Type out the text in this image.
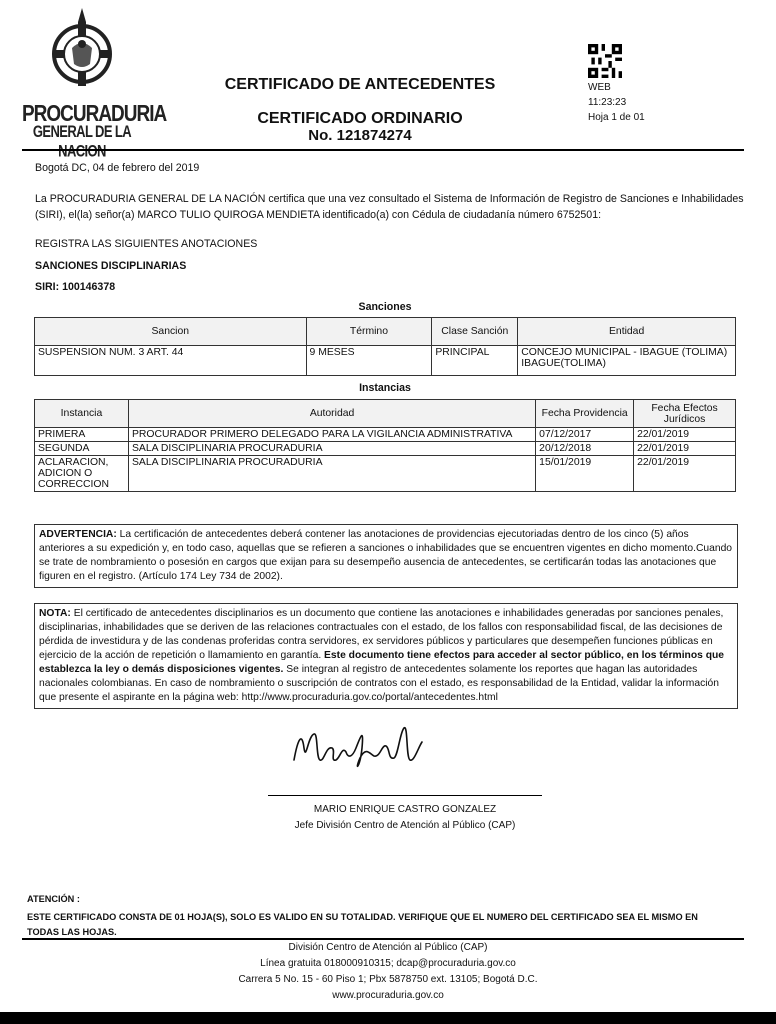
PROCURADURIA
GENERAL DE LA
CERTIFICADO DE ANTECEDENTES
CERTIFICADO ORDINARIO
No. 121874274
WEB
11:23:23
Hoja 1 de 01
Bogotá DC, 04 de febrero del 2019
La PROCURADURIA GENERAL DE LA NACIÓN certifica que una vez consultado el Sistema de Información de Registro de Sanciones e Inhabilidades (SIRI), el(la) señor(a) MARCO TULIO QUIROGA MENDIETA identificado(a) con Cédula de ciudadanía número 6752501:
REGISTRA LAS SIGUIENTES ANOTACIONES
SANCIONES DISCIPLINARIAS
SIRI: 100146378
Sanciones
Sancion	Término	Clase Sanción	Entidad
SUSPENSION NUM. 3 ART. 44	9 MESES	PRINCIPAL	CONCEJO MUNICIPAL - IBAGUE (TOLIMA) IBAGUE(TOLIMA)
Instancias
Instancia	Autoridad	Fecha Providencia	Fecha Efectos Jurídicos
PRIMERA	PROCURADOR PRIMERO DELEGADO PARA LA VIGILANCIA ADMINISTRATIVA	07/12/2017	22/01/2019
SEGUNDA	SALA DISCIPLINARIA PROCURADURIA	20/12/2018	22/01/2019
ACLARACION, ADICION O CORRECCION	SALA DISCIPLINARIA PROCURADURIA	15/01/2019	22/01/2019
ADVERTENCIA: La certificación de antecedentes deberá contener las anotaciones de providencias ejecutoriadas dentro de los cinco (5) años anteriores a su expedición y, en todo caso, aquellas que se refieren a sanciones o inhabilidades que se encuentren vigentes en dicho momento.Cuando se trate de nombramiento o posesión en cargos que exijan para su desempeño ausencia de antecedentes, se certificarán todas las anotaciones que figuren en el registro. (Artículo 174 Ley 734 de 2002).
NOTA: El certificado de antecedentes disciplinarios es un documento que contiene las anotaciones e inhabilidades generadas por sanciones penales, disciplinarias, inhabilidades que se deriven de las relaciones contractuales con el estado, de los fallos con responsabilidad fiscal, de las decisiones de pérdida de investidura y de las condenas proferidas contra servidores, ex servidores públicos y particulares que desempeñen funciones públicas en ejercicio de la acción de repetición o llamamiento en garantía. Este documento tiene efectos para acceder al sector público, en los términos que establezca la ley o demás disposiciones vigentes. Se integran al registro de antecedentes solamente los reportes que hagan las autoridades nacionales colombianas. En caso de nombramiento o suscripción de contratos con el estado, es responsabilidad de la Entidad, validar la información que presente el aspirante en la página web: http://www.procuraduria.gov.co/portal/antecedentes.html
MARIO ENRIQUE CASTRO GONZALEZ
Jefe División Centro de Atención al Público (CAP)
ATENCIÓN :
ESTE CERTIFICADO CONSTA DE 01 HOJA(S), SOLO ES VALIDO EN SU TOTALIDAD. VERIFIQUE QUE EL NUMERO DEL CERTIFICADO SEA EL MISMO EN TODAS LAS HOJAS.
División Centro de Atención al Público (CAP)
Línea gratuita 018000910315; dcap@procuraduria.gov.co
Carrera 5 No. 15 - 60 Piso 1; Pbx 5878750 ext. 13105; Bogotá D.C.
www.procuraduria.gov.co
